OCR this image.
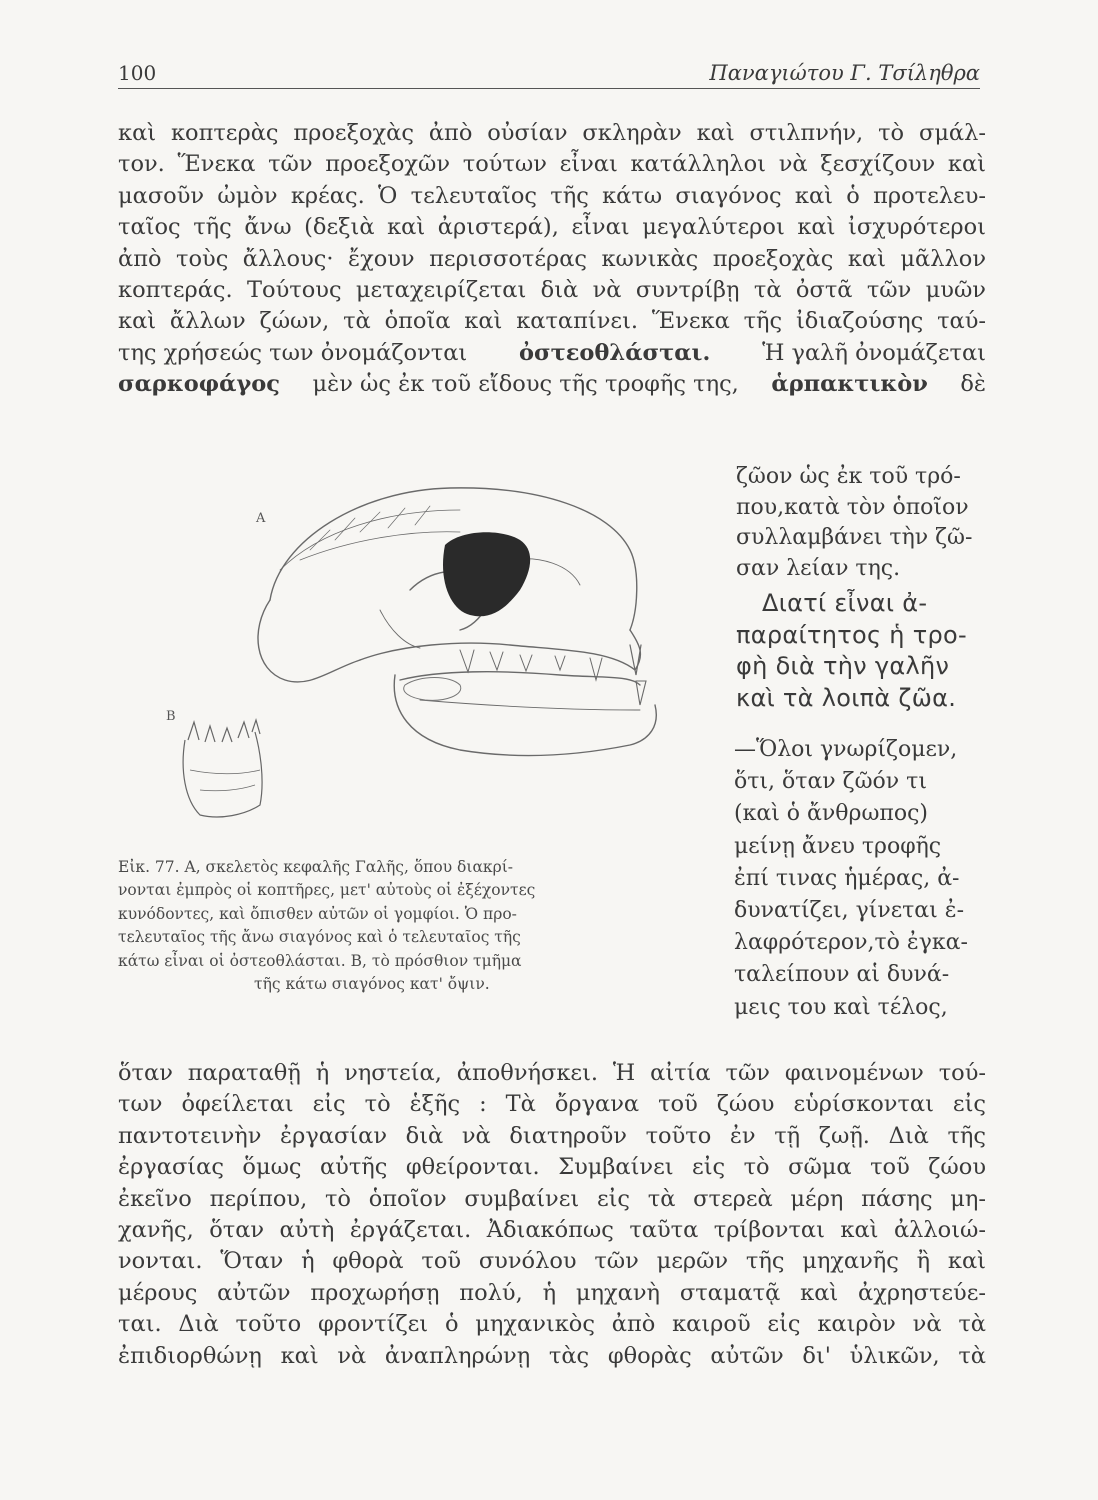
100	Παναγιώτου Γ. Τσίληθρα
καὶ κοπτερὰς προεξοχὰς ἀπὸ οὐσίαν σκληρὰν καὶ στιλπνήν, τὸ σμάλ-
τον. Ἕνεκα τῶν προεξοχῶν τούτων εἶναι κατάλληλοι νὰ ξεσχίζουν καὶ
μασοῦν ὠμὸν κρέας. Ὁ τελευταῖος τῆς κάτω σιαγόνος καὶ ὁ προτελευ-
ταῖος τῆς ἄνω (δεξιὰ καὶ ἀριστερά), εἶναι μεγαλύτεροι καὶ ἰσχυρότεροι
ἀπὸ τοὺς ἄλλους· ἔχουν περισσοτέρας κωνικὰς προεξοχὰς καὶ μᾶλλον
κοπτεράς. Τούτους μεταχειρίζεται διὰ νὰ συντρίβῃ τὰ ὀστᾶ τῶν μυῶν
καὶ ἄλλων ζώων, τὰ ὁποῖα καὶ καταπίνει. Ἕνεκα τῆς ἰδιαζούσης ταύ-
της χρήσεώς των ὀνομάζονται ὀστεοθλάσται. Ἡ γαλῆ ὀνομάζεται
σαρκοφάγος μὲν ὡς ἐκ τοῦ εἴδους τῆς τροφῆς της, ἁρπακτικὸν δὲ
ζῶον ὡς ἐκ τοῦ τρό-
που,κατὰ τὸν ὁποῖον
συλλαμβάνει τὴν ζῶ-
σαν λείαν της.
Διατί εἶναι ἀ-
παραίτητος ἡ τρο-
φὴ διὰ τὴν γαλῆν
καὶ τὰ λοιπὰ ζῶα.
—Ὅλοι γνωρίζομεν,
ὅτι, ὅταν ζῶόν τι
(καὶ ὁ ἄνθρωπος)
μείνῃ ἄνευ τροφῆς
ἐπί τινας ἡμέρας, ἀ-
δυνατίζει, γίνεται ἐ-
λαφρότερον,τὸ ἐγκα-
ταλείπουν αἱ δυνά-
μεις του καὶ τέλος,
Α
Β
Εἰκ. 77. Α, σκελετὸς κεφαλῆς Γαλῆς, ὅπου διακρί-
νονται ἐμπρὸς οἱ κοπτῆρες, μετ' αὐτοὺς οἱ ἐξέχοντες
κυνόδοντες, καὶ ὄπισθεν αὐτῶν οἱ γομφίοι. Ὁ προ-
τελευταῖος τῆς ἄνω σιαγόνος καὶ ὁ τελευταῖος τῆς
κάτω εἶναι οἱ ὀστεοθλάσται. Β, τὸ πρόσθιον τμῆμα
τῆς κάτω σιαγόνος κατ' ὄψιν.
ὅταν παραταθῇ ἡ νηστεία, ἀποθνήσκει. Ἡ αἰτία τῶν φαινομένων τού-
των ὀφείλεται εἰς τὸ ἑξῆς : Τὰ ὄργανα τοῦ ζώου εὑρίσκονται εἰς
παντοτεινὴν ἐργασίαν διὰ νὰ διατηροῦν τοῦτο ἐν τῇ ζωῇ. Διὰ τῆς
ἐργασίας ὅμως αὐτῆς φθείρονται. Συμβαίνει εἰς τὸ σῶμα τοῦ ζώου
ἐκεῖνο περίπου, τὸ ὁποῖον συμβαίνει εἰς τὰ στερεὰ μέρη πάσης μη-
χανῆς, ὅταν αὐτὴ ἐργάζεται. Ἀδιακόπως ταῦτα τρίβονται καὶ ἀλλοιώ-
νονται. Ὅταν ἡ φθορὰ τοῦ συνόλου τῶν μερῶν τῆς μηχανῆς ἢ καὶ
μέρους αὐτῶν προχωρήσῃ πολύ, ἡ μηχανὴ σταματᾷ καὶ ἀχρηστεύε-
ται. Διὰ τοῦτο φροντίζει ὁ μηχανικὸς ἀπὸ καιροῦ εἰς καιρὸν νὰ τὰ
ἐπιδιορθώνῃ καὶ νὰ ἀναπληρώνῃ τὰς φθορὰς αὐτῶν δι' ὑλικῶν, τὰ
